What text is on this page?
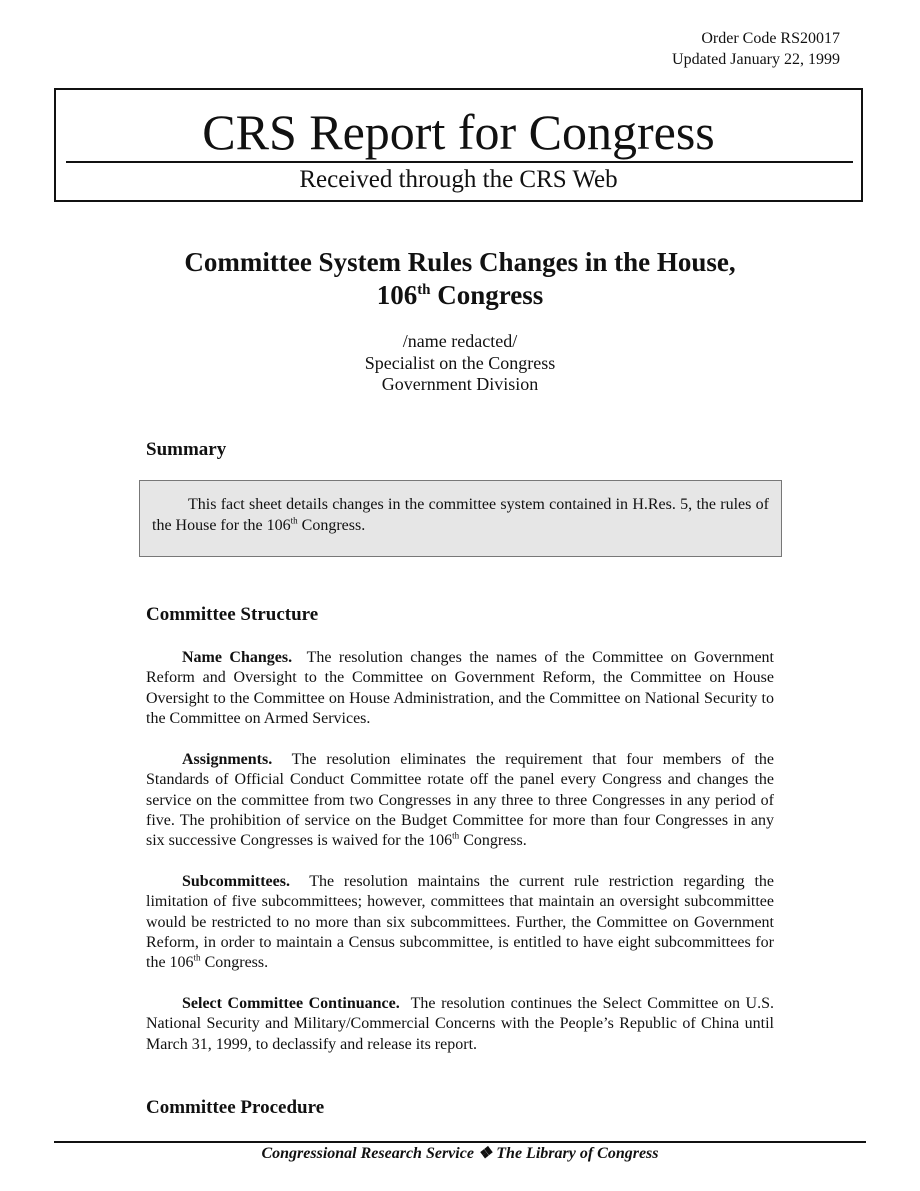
Order Code RS20017
Updated January 22, 1999
CRS Report for Congress
Received through the CRS Web
Committee System Rules Changes in the House,
106th Congress
/name redacted/
Specialist on the Congress
Government Division
Summary
This fact sheet details changes in the committee system contained in H.Res. 5, the rules of the House for the 106th Congress.
Committee Structure
Name Changes. The resolution changes the names of the Committee on Government Reform and Oversight to the Committee on Government Reform, the Committee on House Oversight to the Committee on House Administration, and the Committee on National Security to the Committee on Armed Services.
Assignments. The resolution eliminates the requirement that four members of the Standards of Official Conduct Committee rotate off the panel every Congress and changes the service on the committee from two Congresses in any three to three Congresses in any period of five. The prohibition of service on the Budget Committee for more than four Congresses in any six successive Congresses is waived for the 106th Congress.
Subcommittees. The resolution maintains the current rule restriction regarding the limitation of five subcommittees; however, committees that maintain an oversight subcommittee would be restricted to no more than six subcommittees. Further, the Committee on Government Reform, in order to maintain a Census subcommittee, is entitled to have eight subcommittees for the 106th Congress.
Select Committee Continuance. The resolution continues the Select Committee on U.S. National Security and Military/Commercial Concerns with the People’s Republic of China until March 31, 1999, to declassify and release its report.
Committee Procedure
Congressional Research Service ❖ The Library of Congress
